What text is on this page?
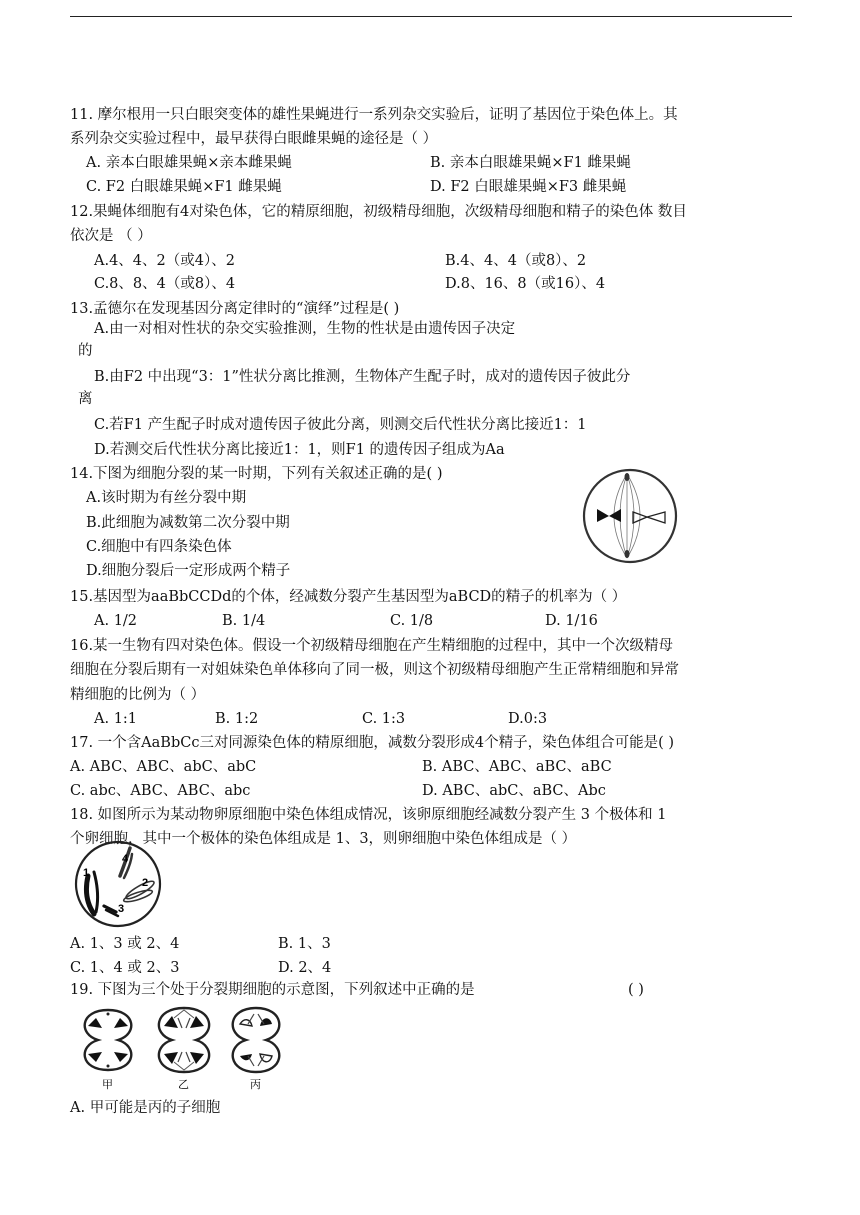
11. 摩尔根用一只白眼突变体的雄性果蝇进行一系列杂交实验后，证明了基因位于染色体上。其
系列杂交实验过程中，最早获得白眼雌果蝇的途径是（ ）
A. 亲本白眼雄果蝇×亲本雌果蝇	B. 亲本白眼雄果蝇×F1 雌果蝇
C. F2 白眼雄果蝇×F1 雌果蝇	D. F2 白眼雄果蝇×F3 雌果蝇
12.果蝇体细胞有4对染色体，它的精原细胞，初级精母细胞，次级精母细胞和精子的染色体 数目
依次是 （ ）
A.4、4、2（或4）、2	B.4、4、4（或8）、2
C.8、8、4（或8）、4	D.8、16、8（或16）、4
13.孟德尔在发现基因分离定律时的“演绎”过程是( )
A.由一对相对性状的杂交实验推测，生物的性状是由遗传因子决定
的
B.由F2 中出现“3：1”性状分离比推测，生物体产生配子时，成对的遗传因子彼此分
离
C.若F1 产生配子时成对遗传因子彼此分离，则测交后代性状分离比接近1：1
D.若测交后代性状分离比接近1：1，则F1 的遗传因子组成为Aa
14.下图为细胞分裂的某一时期，下列有关叙述正确的是( )
A.该时期为有丝分裂中期
B.此细胞为减数第二次分裂中期
C.细胞中有四条染色体
D.细胞分裂后一定形成两个精子
15.基因型为aaBbCCDd的个体，经减数分裂产生基因型为aBCD的精子的机率为（ ）
A. 1/2	B. 1/4	C. 1/8	D. 1/16
16.某一生物有四对染色体。假设一个初级精母细胞在产生精细胞的过程中，其中一个次级精母
细胞在分裂后期有一对姐妹染色单体移向了同一极，则这个初级精母细胞产生正常精细胞和异常
精细胞的比例为（ ）
A. 1:1	B. 1:2	C. 1:3	D.0:3
17. 一个含AaBbCc三对同源染色体的精原细胞，减数分裂形成4个精子，染色体组合可能是( )
A. ABC、ABC、abC、abC	B. ABC、ABC、aBC、aBC
C. abc、ABC、ABC、abc	D. ABC、abC、aBC、Abc
18. 如图所示为某动物卵原细胞中染色体组成情况，该卵原细胞经减数分裂产生 3 个极体和 1
个卵细胞，其中一个极体的染色体组成是 1、3，则卵细胞中染色体组成是（ ）
1
2
3
4
A. 1、3 或 2、4	B. 1、3
C. 1、4 或 2、3	D. 2、4
19. 下图为三个处于分裂期细胞的示意图，下列叙述中正确的是	( )
甲	乙	丙
A. 甲可能是丙的子细胞
